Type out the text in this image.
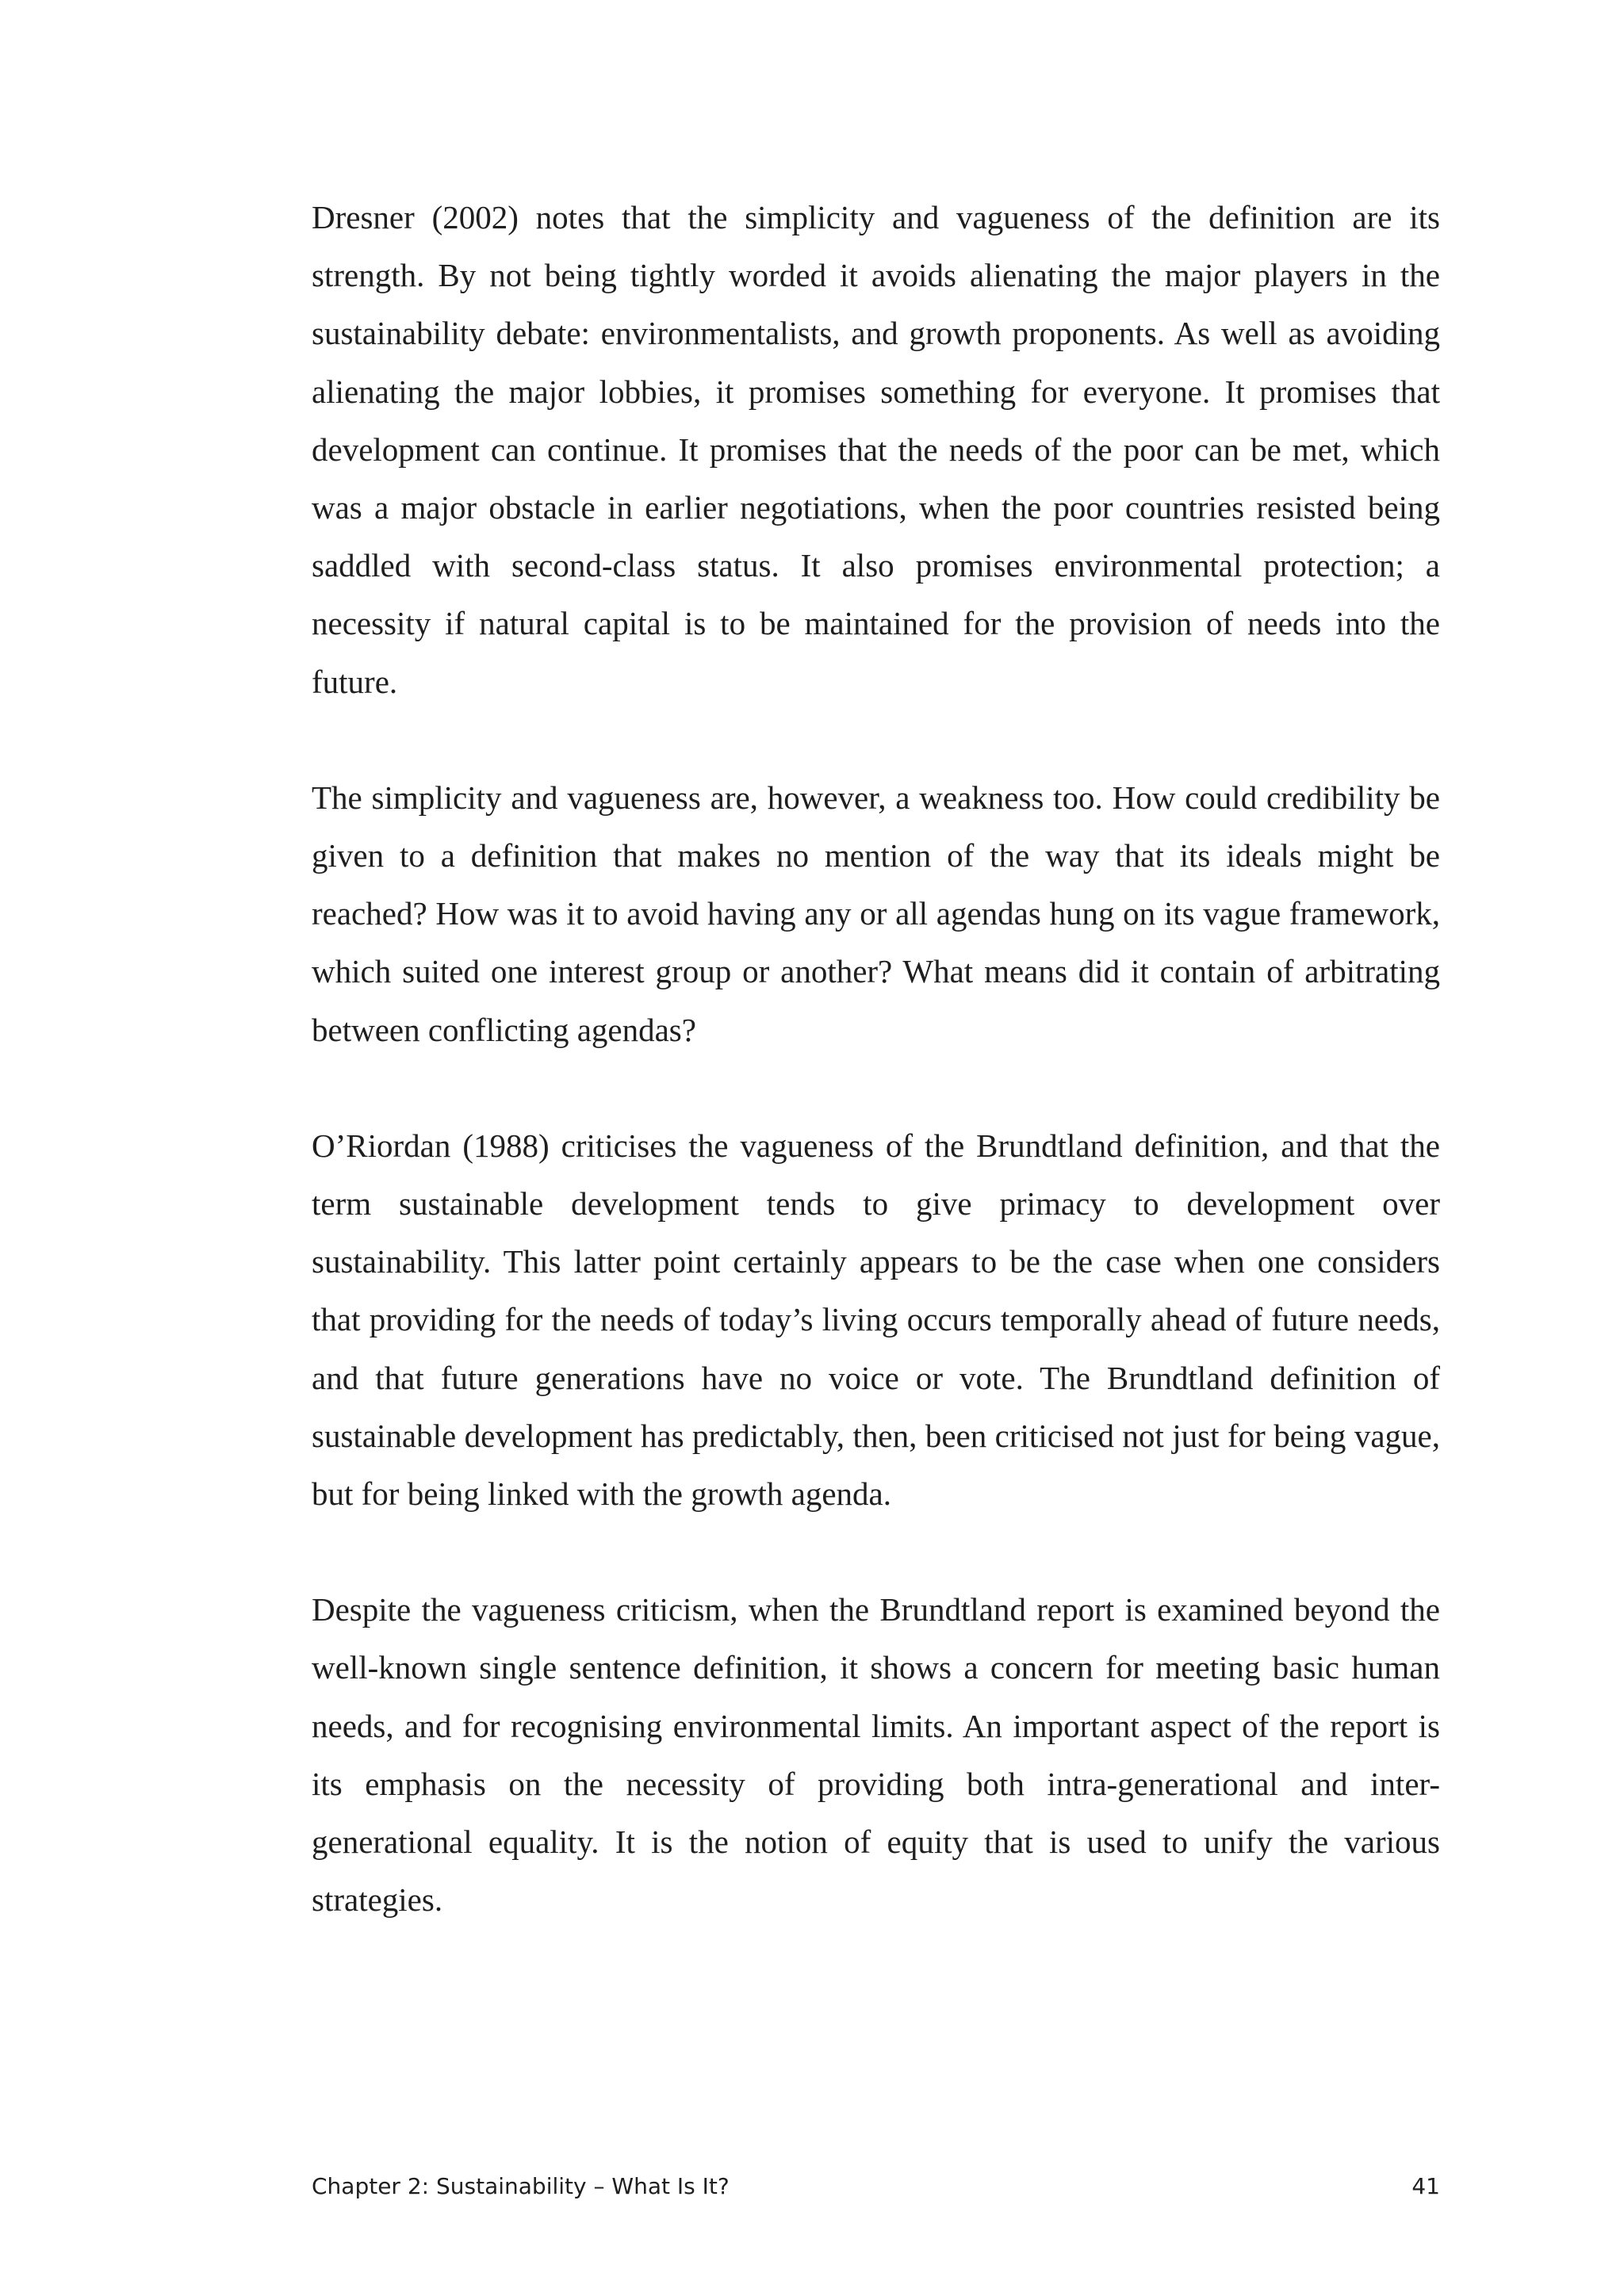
Dresner (2002) notes that the simplicity and vagueness of the definition are its strength. By not being tightly worded it avoids alienating the major players in the sustainability debate: environmentalists, and growth proponents. As well as avoiding alienating the major lobbies, it promises something for everyone. It promises that development can continue. It promises that the needs of the poor can be met, which was a major obstacle in earlier negotiations, when the poor countries resisted being saddled with second-class status. It also promises environmental protection; a necessity if natural capital is to be maintained for the provision of needs into the future.

The simplicity and vagueness are, however, a weakness too. How could credibility be given to a definition that makes no mention of the way that its ideals might be reached? How was it to avoid having any or all agendas hung on its vague framework, which suited one interest group or another? What means did it contain of arbitrating between conflicting agendas?

O’Riordan (1988) criticises the vagueness of the Brundtland definition, and that the term sustainable development tends to give primacy to development over sustainability. This latter point certainly appears to be the case when one considers that providing for the needs of today’s living occurs temporally ahead of future needs, and that future generations have no voice or vote. The Brundtland definition of sustainable development has predictably, then, been criticised not just for being vague, but for being linked with the growth agenda.

Despite the vagueness criticism, when the Brundtland report is examined beyond the well-known single sentence definition, it shows a concern for meeting basic human needs, and for recognising environmental limits. An important aspect of the report is its emphasis on the necessity of providing both intra-generational and inter-generational equality. It is the notion of equity that is used to unify the various strategies.

Chapter 2: Sustainability – What Is It?	41
